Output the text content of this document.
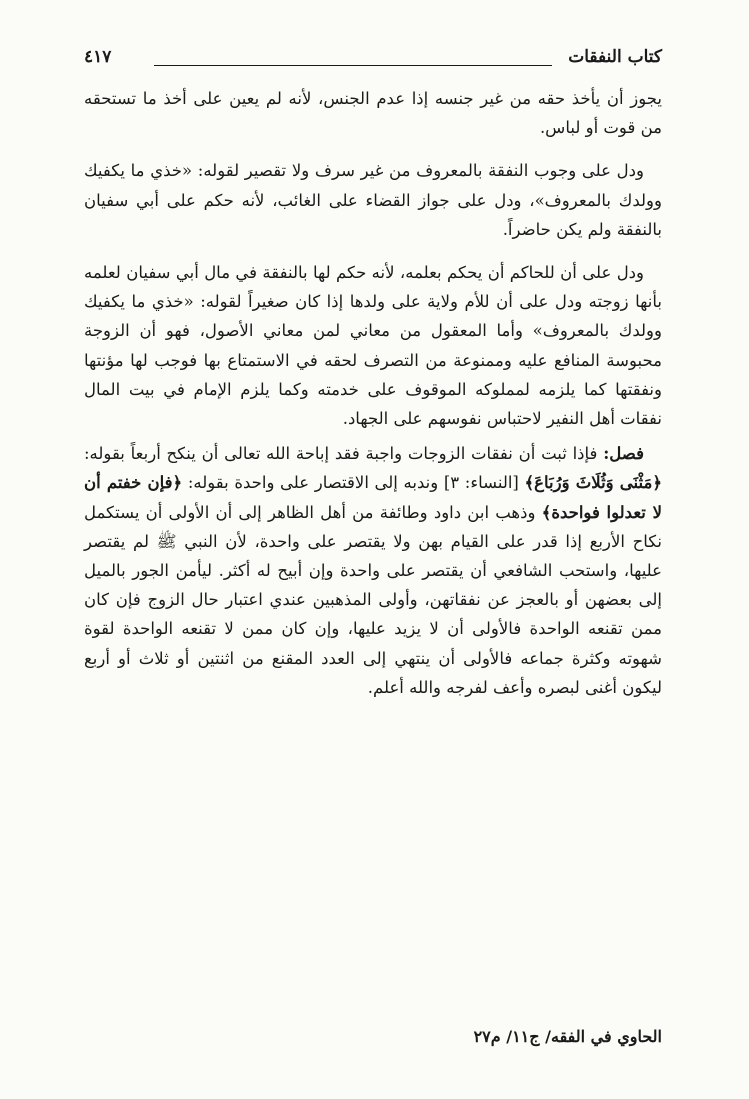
كتاب النفقات
٤١٧

يجوز أن يأخذ حقه من غير جنسه إذا عدم الجنس، لأنه لم يعين على أخذ ما تستحقه من قوت أو لباس.

ودل على وجوب النفقة بالمعروف من غير سرف ولا تقصير لقوله: «خذي ما يكفيك وولدك بالمعروف»، ودل على جواز القضاء على الغائب، لأنه حكم على أبي سفيان بالنفقة ولم يكن حاضراً.

ودل على أن للحاكم أن يحكم بعلمه، لأنه حكم لها بالنفقة في مال أبي سفيان لعلمه بأنها زوجته ودل على أن للأم ولاية على ولدها إذا كان صغيراً لقوله: «خذي ما يكفيك وولدك بالمعروف» وأما المعقول من معاني لمن معاني الأصول، فهو أن الزوجة محبوسة المنافع عليه وممنوعة من التصرف لحقه في الاستمتاع بها فوجب لها مؤنتها ونفقتها كما يلزمه لمملوكه الموقوف على خدمته وكما يلزم الإمام في بيت المال نفقات أهل النفير لاحتباس نفوسهم على الجهاد.

فصل: فإذا ثبت أن نفقات الزوجات واجبة فقد إباحة الله تعالى أن ينكح أربعاً بقوله: ﴿مَثْنَى وَثُلَاثَ وَرُبَاعَ﴾ [النساء: ٣] وندبه إلى الاقتصار على واحدة بقوله: ﴿فإن خفتم أن لا تعدلوا فواحدة﴾ وذهب ابن داود وطائفة من أهل الظاهر إلى أن الأولى أن يستكمل نكاح الأربع إذا قدر على القيام بهن ولا يقتصر على واحدة، لأن النبي ﷺ لم يقتصر عليها، واستحب الشافعي أن يقتصر على واحدة وإن أبيح له أكثر. ليأمن الجور بالميل إلى بعضهن أو بالعجز عن نفقاتهن، وأولى المذهبين عندي اعتبار حال الزوج فإن كان ممن تقنعه الواحدة فالأولى أن لا يزيد عليها، وإن كان ممن لا تقنعه الواحدة لقوة شهوته وكثرة جماعه فالأولى أن ينتهي إلى العدد المقنع من اثنتين أو ثلاث أو أربع ليكون أغنى لبصره وأعف لفرجه والله أعلم.

الحاوي في الفقه/ ج١١/ م٢٧
